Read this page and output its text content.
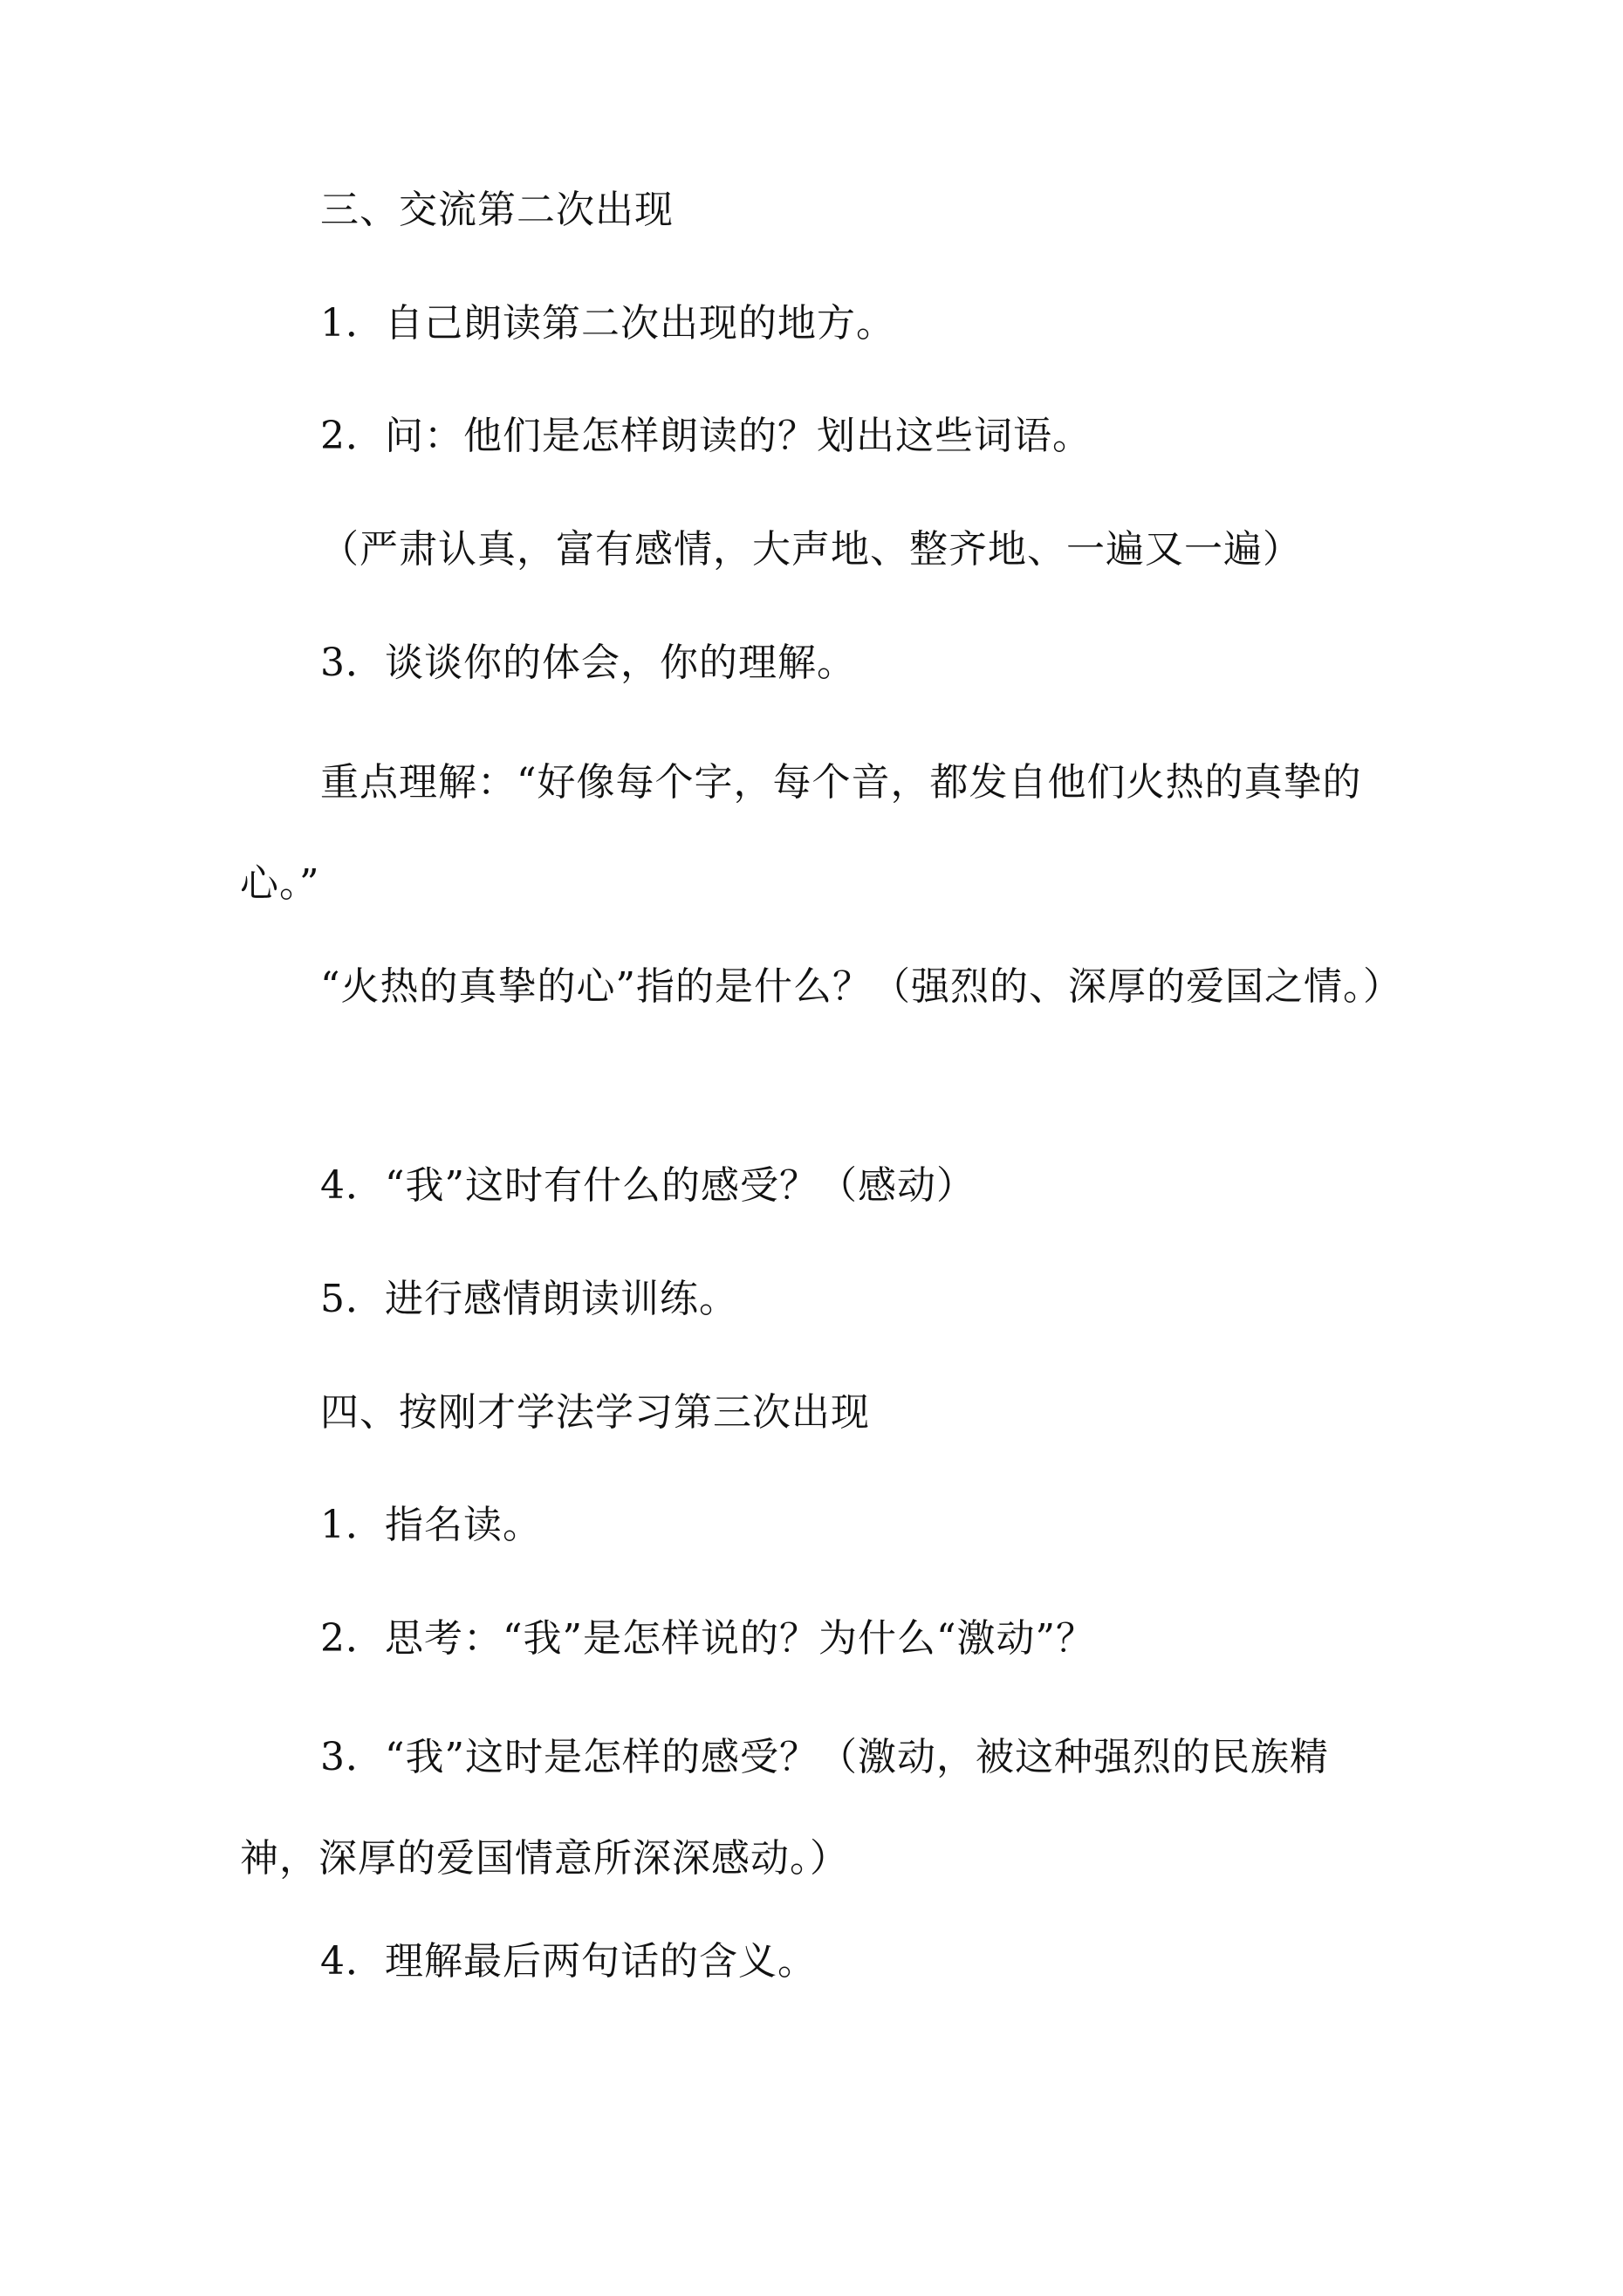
三、交流第二次出现

1．自己朗读第二次出现的地方。

2．问：他们是怎样朗读的？划出这些词语。

（严肃认真，富有感情，大声地、整齐地、一遍又一遍）

3．谈谈你的体会，你的理解。

重点理解：“好像每个字，每个音，都发自他们火热的真挚的心。”

“火热的真挚的心”指的是什么？（强烈的、深厚的爱国之情。）

4．“我”这时有什么的感受？（感动）

5．进行感情朗读训练。

四、按刚才学法学习第三次出现

1．指名读。

2．思考：“我”是怎样说的？为什么“激动”？

3．“我”这时是怎样的感受？（激动，被这种强烈的民族精神，深厚的爱国情意所深深感动。）

4．理解最后两句话的含义。
